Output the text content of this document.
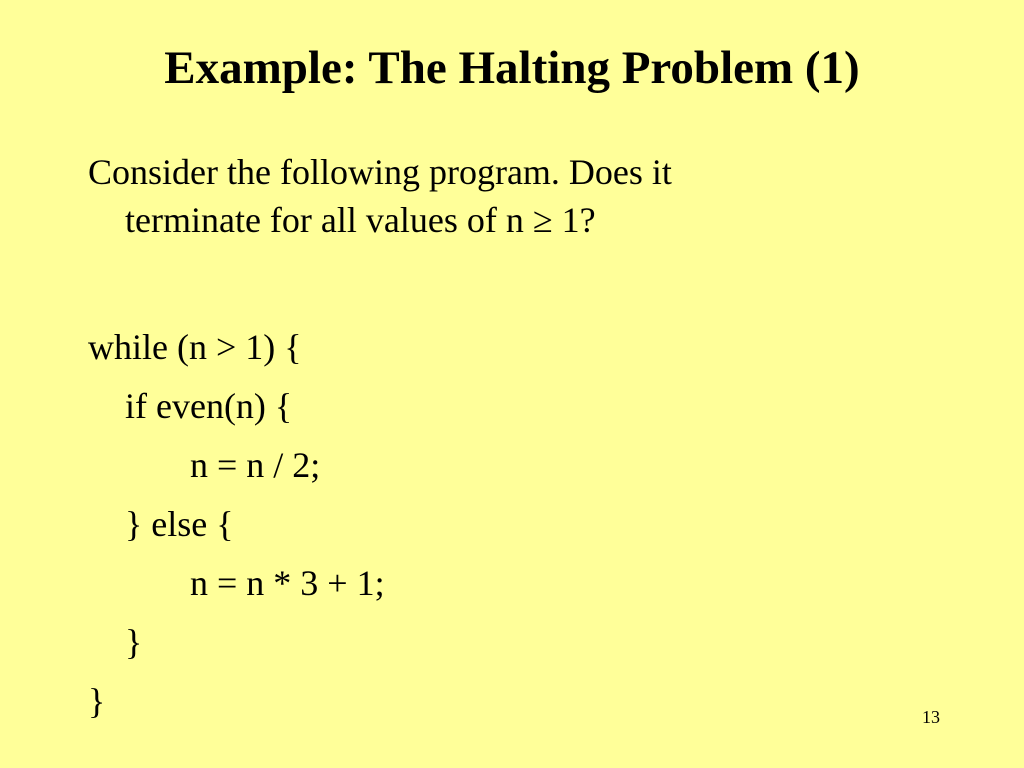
Example: The Halting Problem (1)

Consider the following program. Does it

terminate for all values of n ≥ 1?

while (n > 1) {

if even(n) {

n = n / 2;

} else {

n = n * 3 + 1;

}

}	13
